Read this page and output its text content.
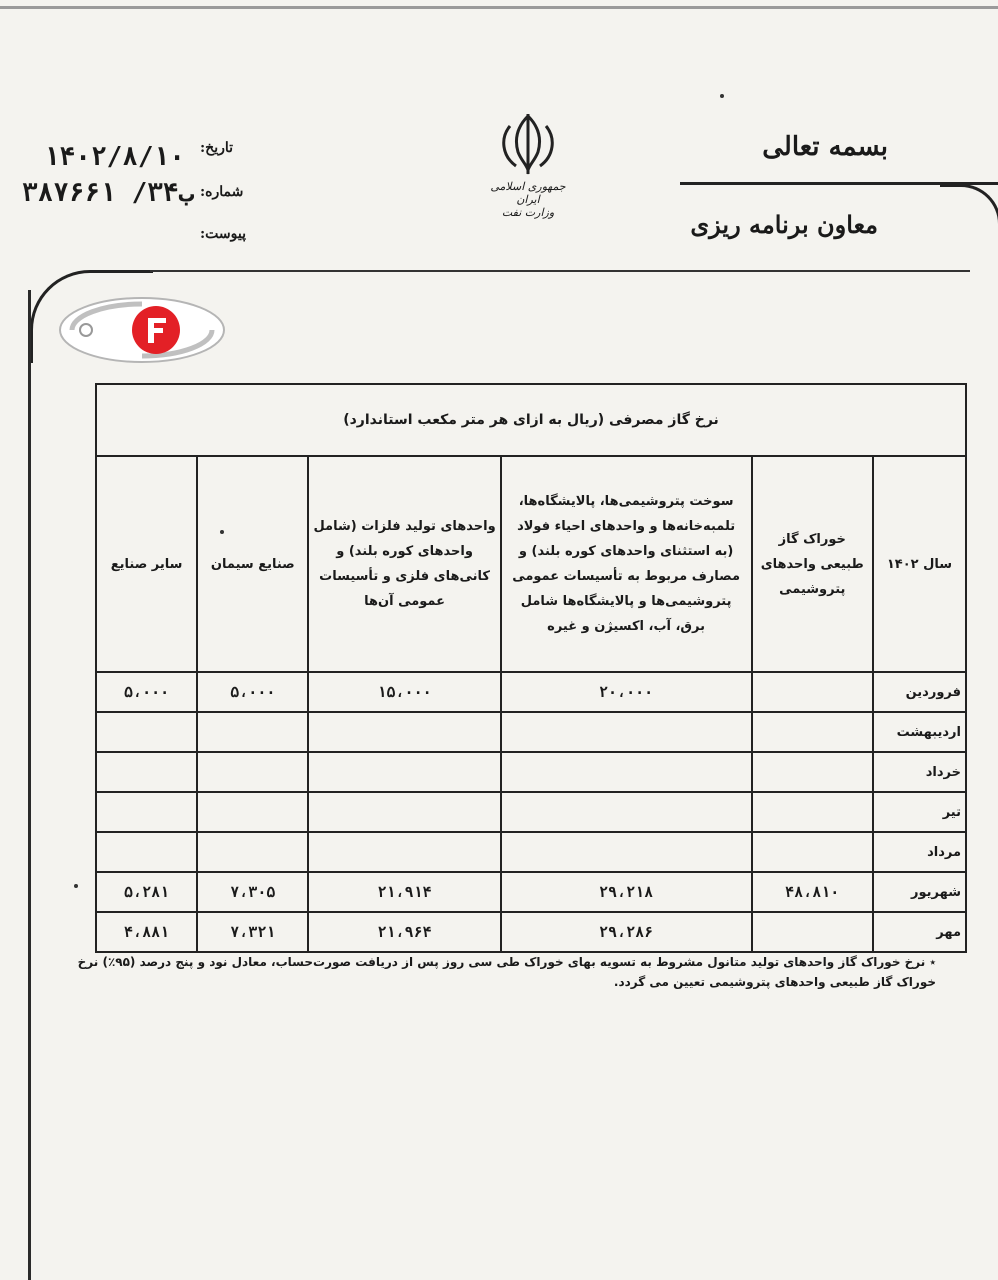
بسمه تعالی
معاون برنامه ریزی
جمهوری اسلامی ایران
وزارت نفت
تاریخ:
۱۴۰۲/۸/۱۰
شماره:
۳۸۷۶۶۱ /۳۴ب
پیوست:
نرخ گاز مصرفی (ریال به ازای هر متر مکعب استاندارد)					
سال ۱۴۰۲	خوراک گاز طبیعی واحدهای پتروشیمی	سوخت پتروشیمی‌ها، پالایشگاه‌ها، تلمبه‌خانه‌ها و واحدهای احیاء فولاد (به استثنای واحدهای کوره بلند) و مصارف مربوط به تأسیسات عمومی پتروشیمی‌ها و پالایشگاه‌ها شامل برق، آب، اکسیژن و غیره	واحدهای تولید فلزات (شامل واحدهای کوره بلند) و کانی‌های فلزی و تأسیسات عمومی آن‌ها	صنایع سیمان	سایر صنایع
فروردین		۲۰،۰۰۰	۱۵،۰۰۰	۵،۰۰۰	۵،۰۰۰
اردیبهشت					
خرداد					
تیر					
مرداد					
شهریور	۴۸،۸۱۰	۲۹،۲۱۸	۲۱،۹۱۴	۷،۳۰۵	۵،۲۸۱
مهر		۲۹،۲۸۶	۲۱،۹۶۴	۷،۳۲۱	۴،۸۸۱
٭ نرخ خوراک گاز واحدهای تولید متانول مشروط به تسویه بهای خوراک طی سی روز پس از دریافت صورت‌حساب، معادل نود و پنج درصد (۹۵٪) نرخ خوراک گاز طبیعی واحدهای پتروشیمی تعیین می گردد.
